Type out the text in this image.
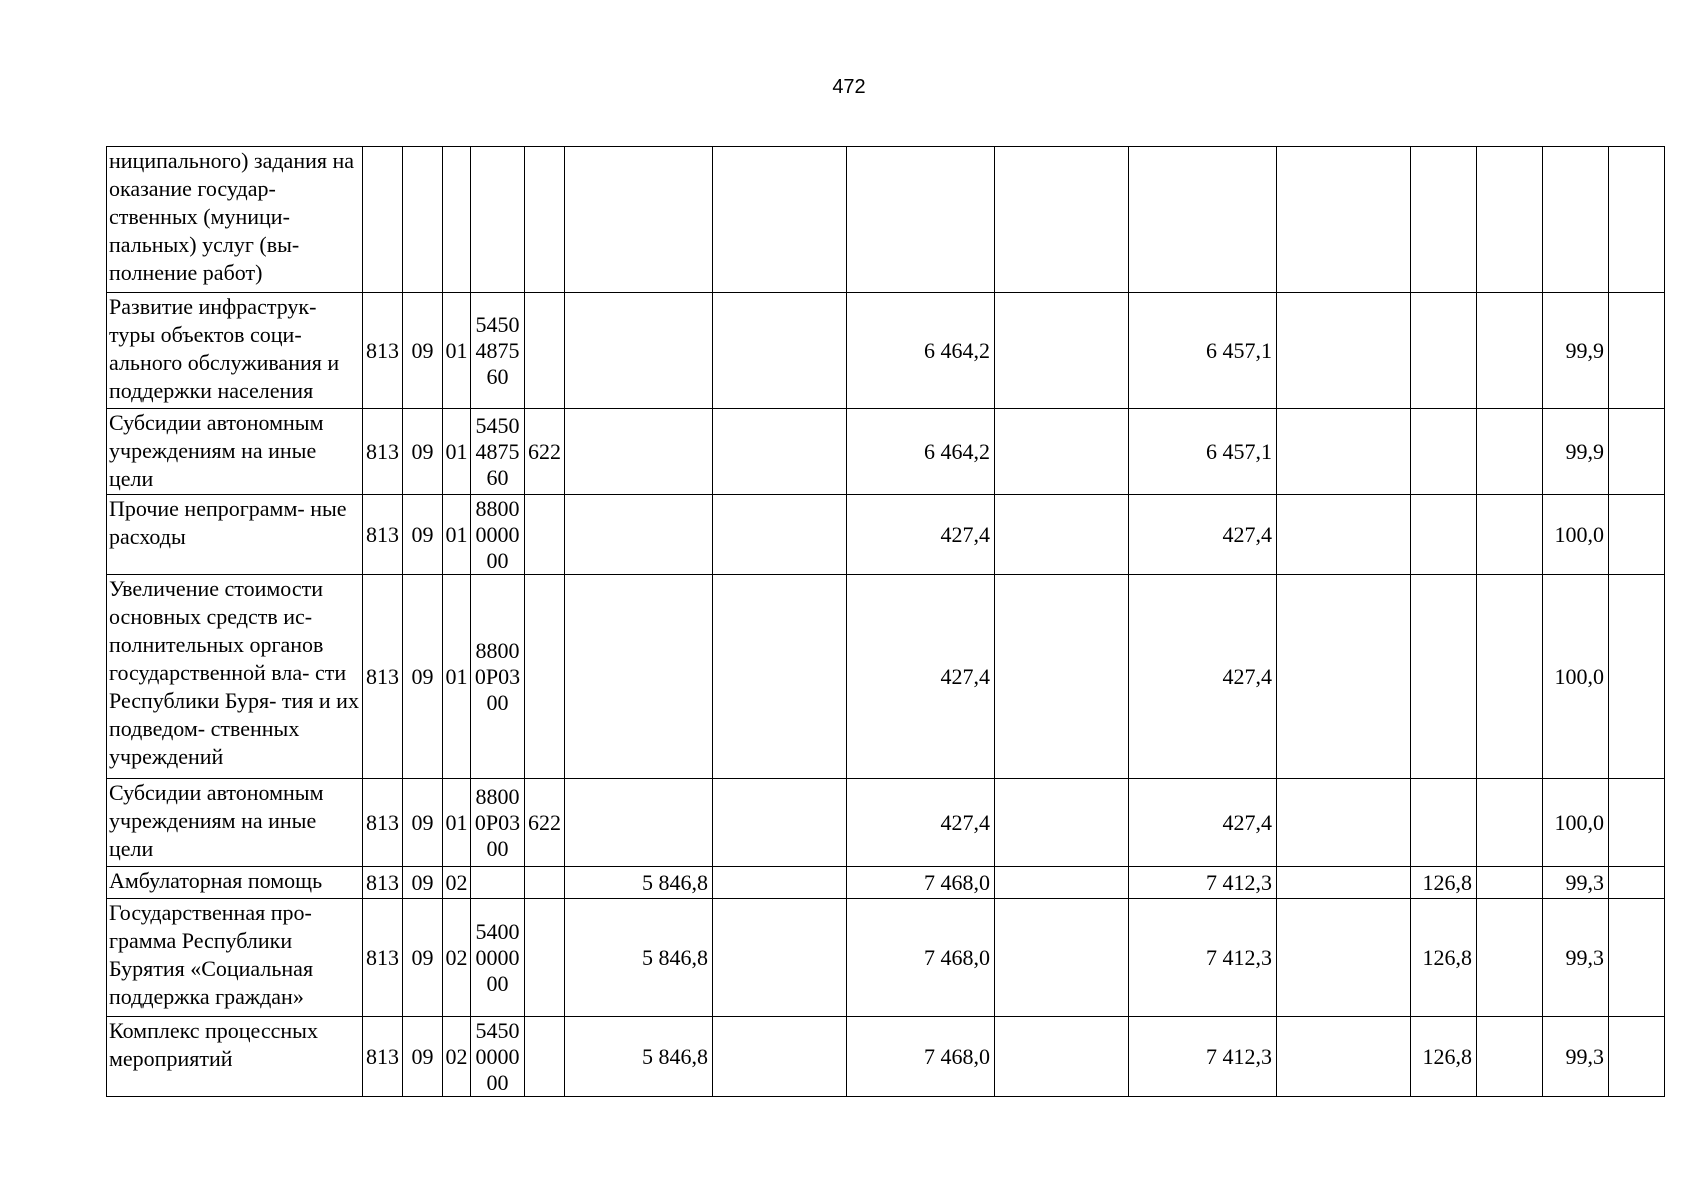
472
ниципального) задания на оказание государ- ственных (муници- пальных) услуг (вы- полнение работ)															
Развитие инфраструк- туры объектов соци- ального обслуживания и поддержки населения	813	09	01	5450487560				6 464,2		6 457,1				99,9	
Субсидии автономным учреждениям на иные цели	813	09	01	5450487560	622			6 464,2		6 457,1				99,9	
Прочие непрограмм- ные расходы	813	09	01	8800000000				427,4		427,4				100,0	
Увеличение стоимости основных средств ис- полнительных органов государственной вла- сти Республики Буря- тия и их подведом- ственных учреждений	813	09	01	88000P0300				427,4		427,4				100,0	
Субсидии автономным учреждениям на иные цели	813	09	01	88000P0300	622			427,4		427,4				100,0	
Амбулаторная помощь	813	09	02			5 846,8		7 468,0		7 412,3		126,8		99,3	
Государственная про- грамма Республики Бурятия «Социальная поддержка граждан»	813	09	02	5400000000		5 846,8		7 468,0		7 412,3		126,8		99,3	
Комплекс процессных мероприятий	813	09	02	5450000000		5 846,8		7 468,0		7 412,3		126,8		99,3	
